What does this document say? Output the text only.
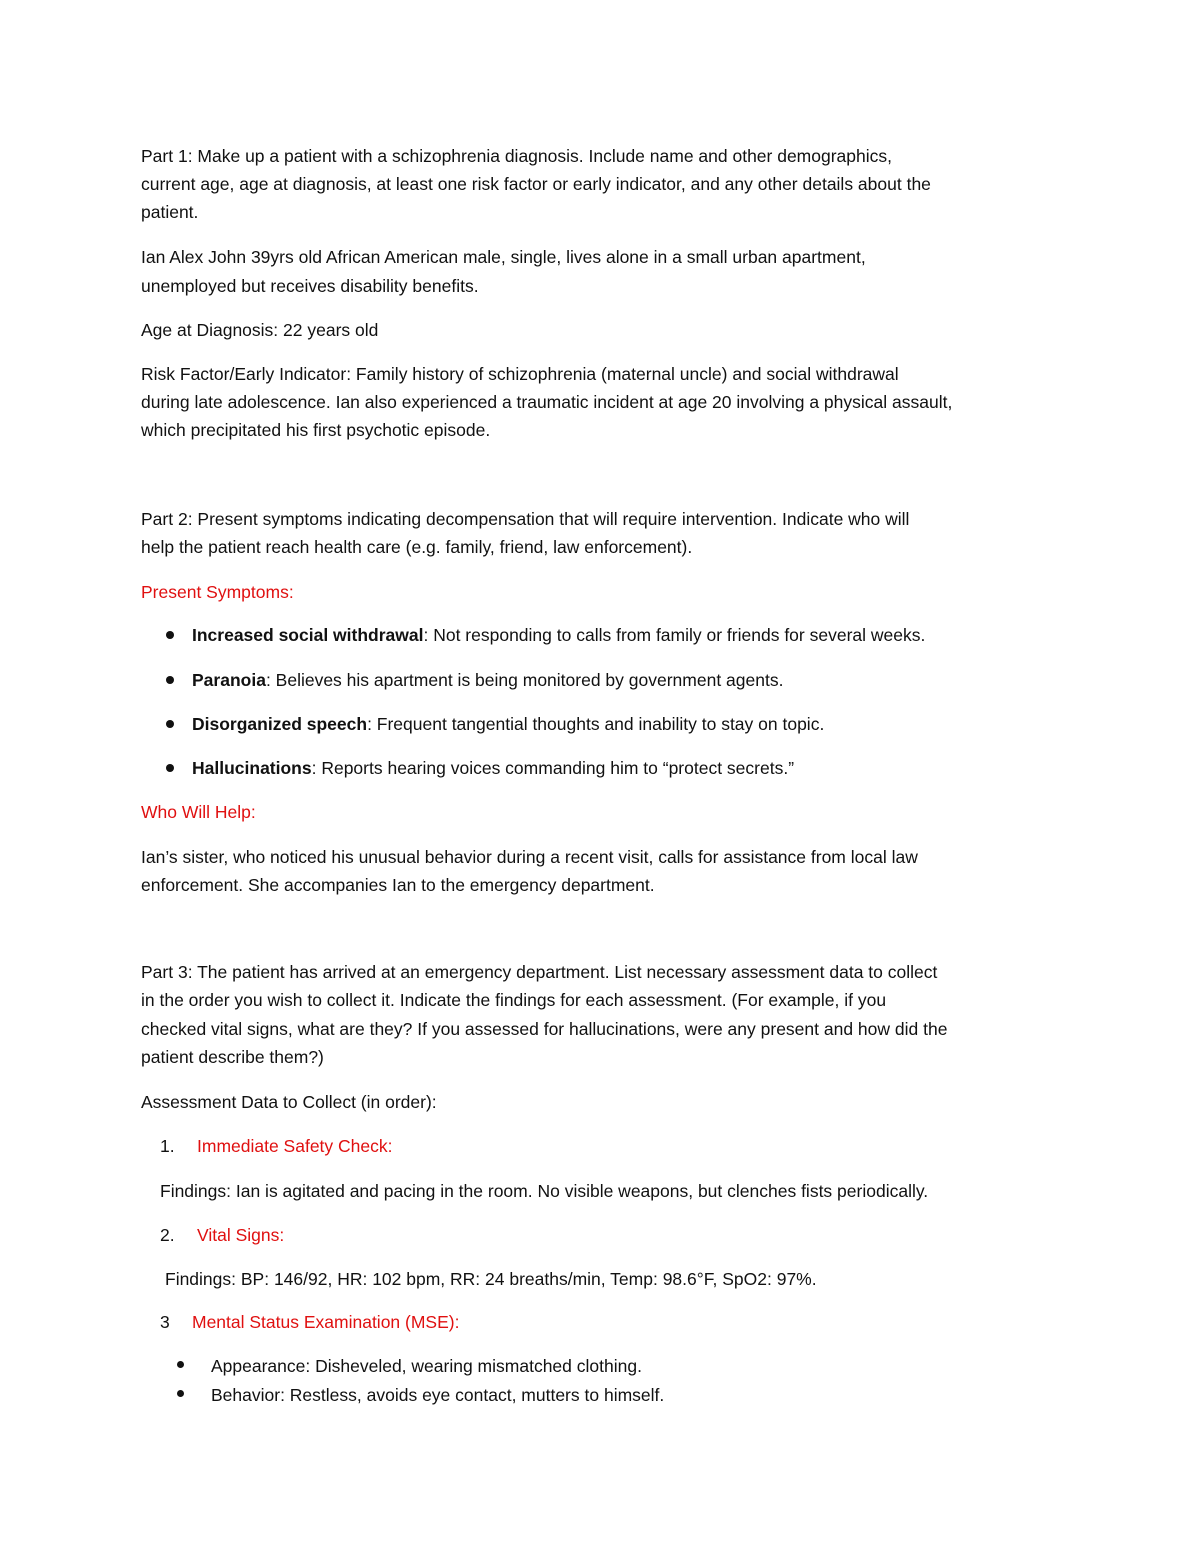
Part 1: Make up a patient with a schizophrenia diagnosis. Include name and other demographics,
current age, age at diagnosis, at least one risk factor or early indicator, and any other details about the
patient.
Ian Alex John 39yrs old African American male, single, lives alone in a small urban apartment,
unemployed but receives disability benefits.
Age at Diagnosis: 22 years old
Risk Factor/Early Indicator: Family history of schizophrenia (maternal uncle) and social withdrawal
during late adolescence. Ian also experienced a traumatic incident at age 20 involving a physical assault,
which precipitated his first psychotic episode.
Part 2: Present symptoms indicating decompensation that will require intervention. Indicate who will
help the patient reach health care (e.g. family, friend, law enforcement).
Present Symptoms:
Increased social withdrawal: Not responding to calls from family or friends for several weeks.
Paranoia: Believes his apartment is being monitored by government agents.
Disorganized speech: Frequent tangential thoughts and inability to stay on topic.
Hallucinations: Reports hearing voices commanding him to “protect secrets.”
Who Will Help:
Ian’s sister, who noticed his unusual behavior during a recent visit, calls for assistance from local law
enforcement. She accompanies Ian to the emergency department.
Part 3: The patient has arrived at an emergency department. List necessary assessment data to collect
in the order you wish to collect it. Indicate the findings for each assessment. (For example, if you
checked vital signs, what are they? If you assessed for hallucinations, were any present and how did the
patient describe them?)
Assessment Data to Collect (in order):
1. Immediate Safety Check:
Findings: Ian is agitated and pacing in the room. No visible weapons, but clenches fists periodically.
2. Vital Signs:
Findings: BP: 146/92, HR: 102 bpm, RR: 24 breaths/min, Temp: 98.6°F, SpO2: 97%.
3 Mental Status Examination (MSE):
Appearance: Disheveled, wearing mismatched clothing.
Behavior: Restless, avoids eye contact, mutters to himself.
